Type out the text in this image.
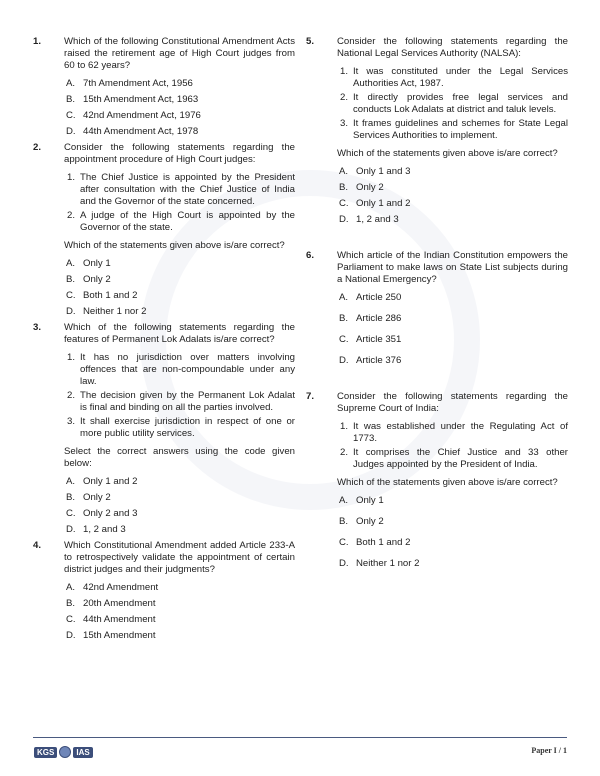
1.	Which of the following Constitutional Amendment Acts raised the retirement age of High Court judges from 60 to 62 years?
A. 7th Amendment Act, 1956
B. 15th Amendment Act, 1963
C. 42nd Amendment Act, 1976
D. 44th Amendment Act, 1978
2.	Consider the following statements regarding the appointment procedure of High Court judges:
1. The Chief Justice is appointed by the President after consultation with the Chief Justice of India and the Governor of the state concerned.
2. A judge of the High Court is appointed by the Governor of the state.
Which of the statements given above is/are correct?
A. Only 1
B. Only 2
C. Both 1 and 2
D. Neither 1 nor 2
3.	Which of the following statements regarding the features of Permanent Lok Adalats is/are correct?
1. It has no jurisdiction over matters involving offences that are non-compoundable under any law.
2. The decision given by the Permanent Lok Adalat is final and binding on all the parties involved.
3. It shall exercise jurisdiction in respect of one or more public utility services.
Select the correct answers using the code given below:
A. Only 1 and 2
B. Only 2
C. Only 2 and 3
D. 1, 2 and 3
4.	Which Constitutional Amendment added Article 233-A to retrospectively validate the appointment of certain district judges and their judgments?
A. 42nd Amendment
B. 20th Amendment
C. 44th Amendment
D. 15th Amendment
5.	Consider the following statements regarding the National Legal Services Authority (NALSA):
1. It was constituted under the Legal Services Authorities Act, 1987.
2. It directly provides free legal services and conducts Lok Adalats at district and taluk levels.
3. It frames guidelines and schemes for State Legal Services Authorities to implement.
Which of the statements given above is/are correct?
A. Only 1 and 3
B. Only 2
C. Only 1 and 2
D. 1, 2 and 3
6.	Which article of the Indian Constitution empowers the Parliament to make laws on State List subjects during a National Emergency?
A. Article 250
B. Article 286
C. Article 351
D. Article 376
7.	Consider the following statements regarding the Supreme Court of India:
1. It was established under the Regulating Act of 1773.
2. It comprises the Chief Justice and 33 other Judges appointed by the President of India.
Which of the statements given above is/are correct?
A. Only 1
B. Only 2
C. Both 1 and 2
D. Neither 1 nor 2
KGS	IAS	Paper I / 1
